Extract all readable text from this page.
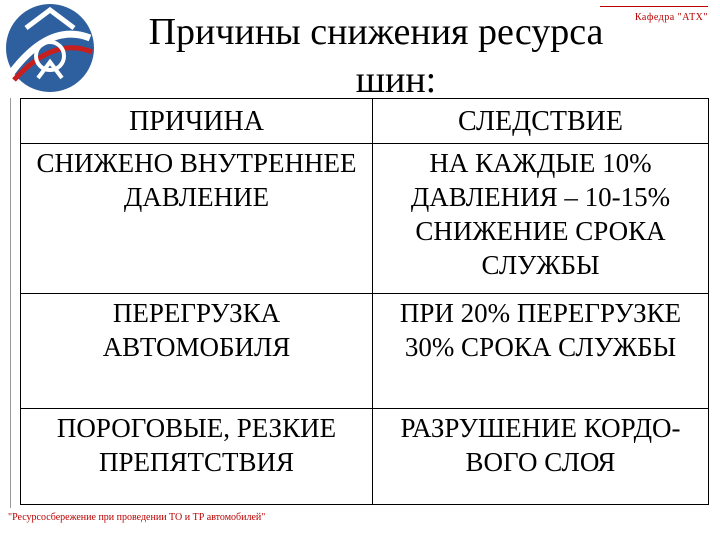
Кафедра "АТХ"
Причины снижения ресурса

шин:
ПРИЧИНА	СЛЕДСТВИЕ
СНИЖЕНО ВНУТРЕННЕЕ ДАВЛЕНИЕ	НА КАЖДЫЕ 10% ДАВЛЕНИЯ – 10-15% СНИЖЕНИЕ СРОКА СЛУЖБЫ
ПЕРЕГРУЗКА АВТОМОБИЛЯ	ПРИ 20% ПЕРЕГРУЗКЕ 30% СРОКА СЛУЖБЫ
ПОРОГОВЫЕ, РЕЗКИЕ ПРЕПЯТСТВИЯ	РАЗРУШЕНИЕ КОРДО-ВОГО СЛОЯ
"Ресурсосбережение при проведении ТО и ТР автомобилей"
